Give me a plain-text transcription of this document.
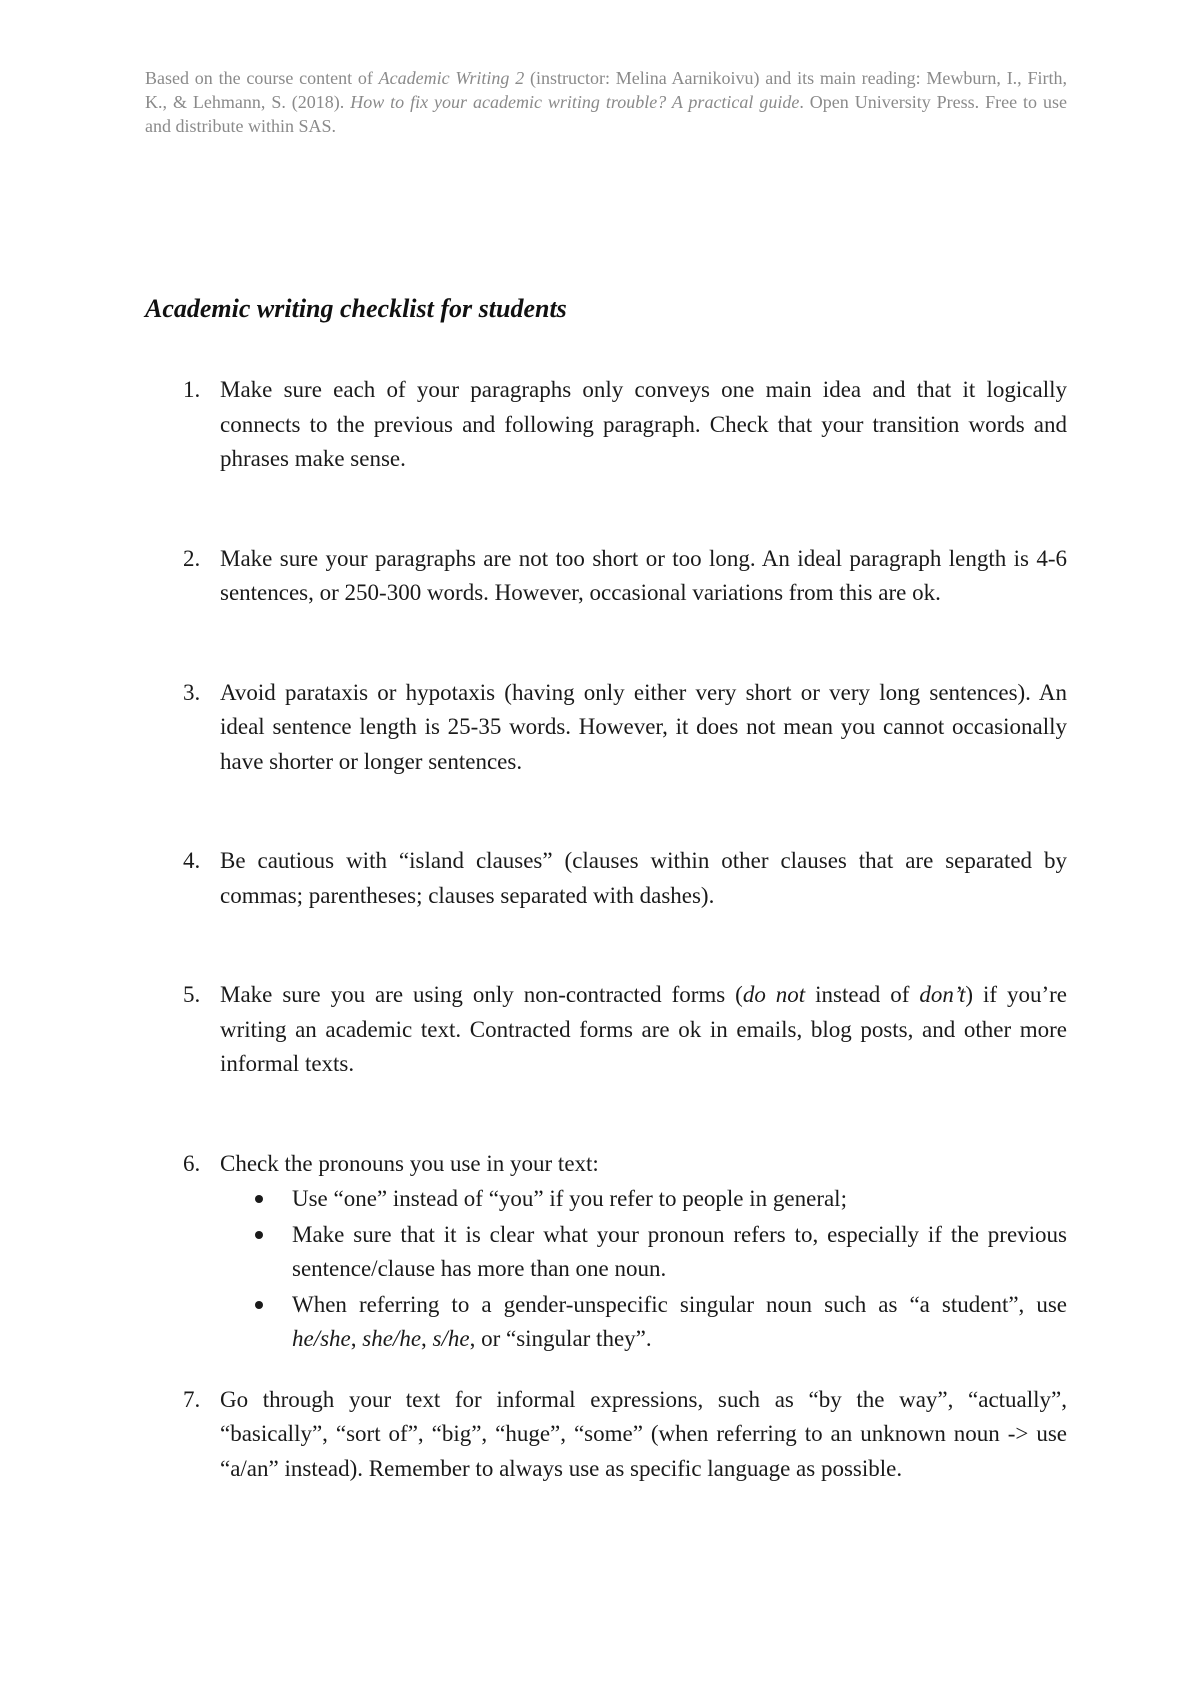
Based on the course content of Academic Writing 2 (instructor: Melina Aarnikoivu) and its main reading: Mewburn, I., Firth, K., & Lehmann, S. (2018). How to fix your academic writing trouble? A practical guide. Open University Press. Free to use and distribute within SAS.

Academic writing checklist for students
1. Make sure each of your paragraphs only conveys one main idea and that it logically connects to the previous and following paragraph. Check that your transition words and phrases make sense.
2. Make sure your paragraphs are not too short or too long. An ideal paragraph length is 4-6 sentences, or 250-300 words. However, occasional variations from this are ok.
3. Avoid parataxis or hypotaxis (having only either very short or very long sentences). An ideal sentence length is 25-35 words. However, it does not mean you cannot occasionally have shorter or longer sentences.
4. Be cautious with “island clauses” (clauses within other clauses that are separated by commas; parentheses; clauses separated with dashes).
5. Make sure you are using only non-contracted forms (do not instead of don’t) if you’re writing an academic text. Contracted forms are ok in emails, blog posts, and other more informal texts.
6. Check the pronouns you use in your text:
Use “one” instead of “you” if you refer to people in general;
Make sure that it is clear what your pronoun refers to, especially if the previous sentence/clause has more than one noun.
When referring to a gender-unspecific singular noun such as “a student”, use he/she, she/he, s/he, or “singular they”.
7. Go through your text for informal expressions, such as “by the way”, “actually”, “basically”, “sort of”, “big”, “huge”, “some” (when referring to an unknown noun -> use “a/an” instead). Remember to always use as specific language as possible.
